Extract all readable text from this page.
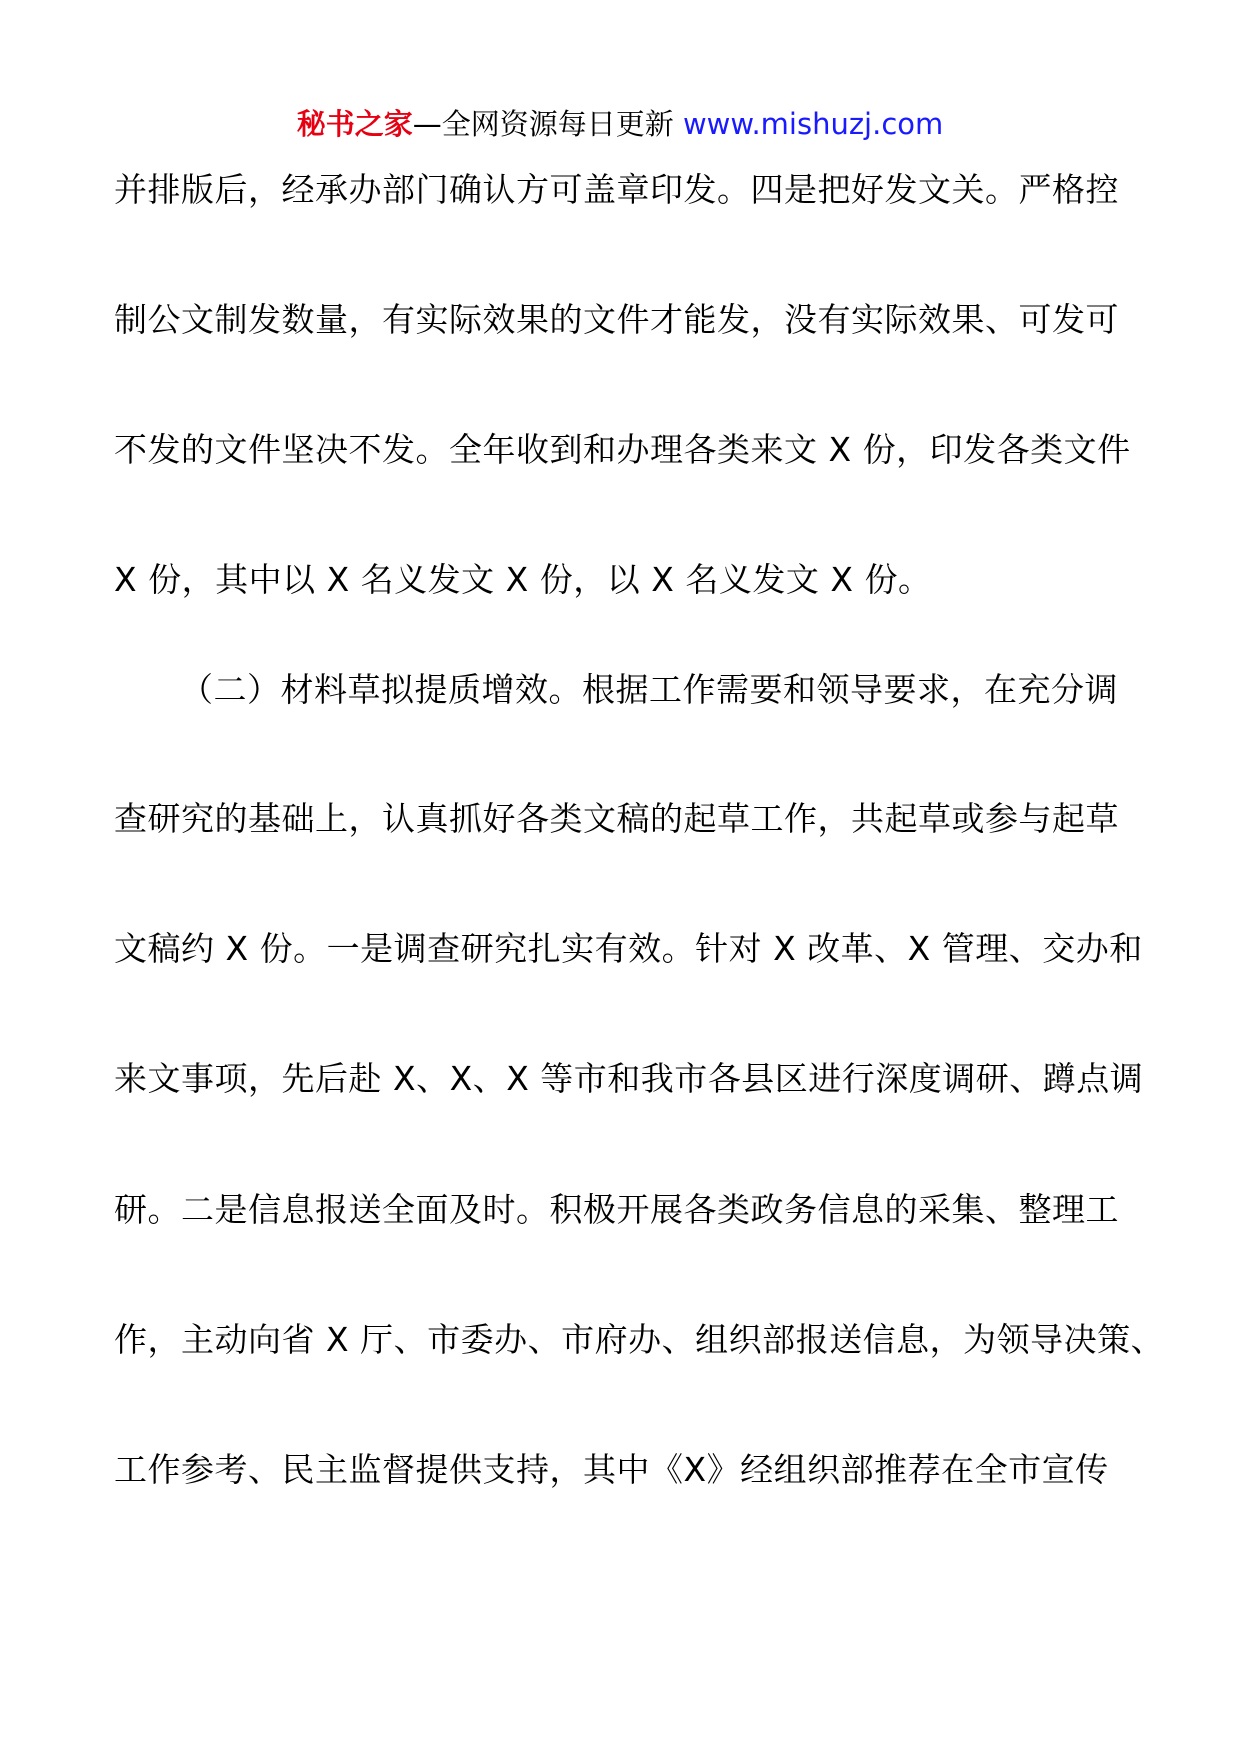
秘书之家—全网资源每日更新 www.mishuzj.com
并排版后，经承办部门确认方可盖章印发。四是把好发文关。严格控
制公文制发数量，有实际效果的文件才能发，没有实际效果、可发可
不发的文件坚决不发。全年收到和办理各类来文 X 份，印发各类文件
X 份，其中以 X 名义发文 X 份，以 X 名义发文 X 份。
（二）材料草拟提质增效。根据工作需要和领导要求，在充分调
查研究的基础上，认真抓好各类文稿的起草工作，共起草或参与起草
文稿约 X 份。一是调查研究扎实有效。针对 X 改革、X 管理、交办和
来文事项，先后赴 X、X、X 等市和我市各县区进行深度调研、蹲点调
研。二是信息报送全面及时。积极开展各类政务信息的采集、整理工
作，主动向省 X 厅、市委办、市府办、组织部报送信息，为领导决策、
工作参考、民主监督提供支持，其中《X》经组织部推荐在全市宣传
